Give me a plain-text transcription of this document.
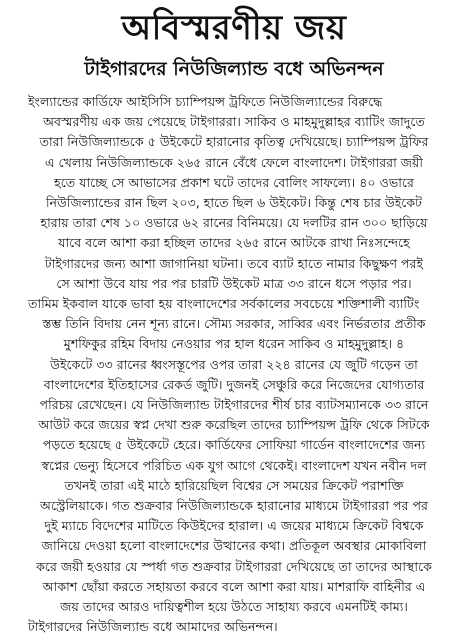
অবিস্মরণীয় জয়
টাইগারদের নিউজিল্যান্ড বধে অভিনন্দন
ইংল্যান্ডের কার্ডিফে আইসিসি চ্যাম্পিয়ন্স ট্রফিতে নিউজিল্যান্ডের বিরুদ্ধে
অবস্মরণীয় এক জয় পেয়েছে টাইগাররা। সাকিব ও মাহমুদুল্লাহর ব্যাটিং জাদুতে
তারা নিউজিল্যান্ডকে ৫ উইকেটে হারানোর কৃতিত্ব দেখিয়েছে। চ্যাম্পিয়ন্স ট্রফির
এ খেলায় নিউজিল্যান্ডকে ২৬৫ রানে বেঁধে ফেলে বাংলাদেশ। টাইগাররা জয়ী
হতে যাচ্ছে সে আভাসের প্রকাশ ঘটে তাদের বোলিং সাফল্যে। ৪০ ওভারে
নিউজিল্যান্ডের রান ছিল ২০৩, হাতে ছিল ৬ উইকেট। কিন্তু শেষ চার উইকেট
হারায় তারা শেষ ১০ ওভারে ৬২ রানের বিনিময়ে। যে দলটির রান ৩০০ ছাড়িয়ে
যাবে বলে আশা করা হচ্ছিল তাদের ২৬৫ রানে আটকে রাখা নিঃসন্দেহে
টাইগারদের জন্য আশা জাগানিয়া ঘটনা। তবে ব্যাট হাতে নামার কিছুক্ষণ পরই
সে আশা উবে যায় পর পর চারটি উইকেট মাত্র ৩৩ রানে ধসে পড়ার পর।
তামিম ইকবাল যাকে ভাবা হয় বাংলাদেশের সর্বকালের সবচেয়ে শক্তিশালী ব্যাটিং
স্তম্ভ তিনি বিদায় নেন শূন্য রানে। সৌম্য সরকার, সাব্বির এবং নির্ভরতার প্রতীক
মুশফিকুর রহিম বিদায় নেওয়ার পর হাল ধরেন সাকিব ও মাহমুদুল্লাহ। ৪
উইকেটে ৩৩ রানের ধ্বংসস্তূপের ওপর তারা ২২৪ রানের যে জুটি গড়েন তা
বাংলাদেশের ইতিহাসের রেকর্ড জুটি। দুজনই সেঞ্চুরি করে নিজেদের যোগ্যতার
পরিচয় রেখেছেন। যে নিউজিল্যান্ড টাইগারদের শীর্ষ চার ব্যাটসম্যানকে ৩৩ রানে
আউট করে জয়ের স্বপ্ন দেখা শুরু করেছিল তাদের চ্যাম্পিয়ন্স ট্রফি থেকে সিটকে
পড়তে হয়েছে ৫ উইকেটে হেরে। কার্ডিফের সোফিয়া গার্ডেন বাংলাদেশের জন্য
স্বপ্নের ভেন্যু হিসেবে পরিচিত এক যুগ আগে থেকেই। বাংলাদেশ যখন নবীন দল
তখনই তারা এই মাঠে হারিয়েছিল বিশ্বের সে সময়ের ক্রিকেট পরাশক্তি
অস্ট্রেলিয়াকে। গত শুক্রবার নিউজিল্যান্ডকে হারানোর মাধ্যমে টাইগাররা পর পর
দুই ম্যাচে বিদেশের মাটিতে কিউইদের হারাল। এ জয়ের মাধ্যমে ক্রিকেট বিশ্বকে
জানিয়ে দেওয়া হলো বাংলাদেশের উত্থানের কথা। প্রতিকূল অবস্থার মোকাবিলা
করে জয়ী হওয়ার যে স্পর্ধা গত শুক্রবার টাইগাররা দেখিয়েছে তা তাদের আস্থাকে
আকাশ ছোঁয়া করতে সহায়তা করবে বলে আশা করা যায়। মাশরাফি বাহিনীর এ
জয় তাদের আরও দায়িত্বশীল হয়ে উঠতে সাহায্য করবে এমনটিই কাম্য।
টাইগারদের নিউজিল্যান্ড বধে আমাদের অভিনন্দন।
